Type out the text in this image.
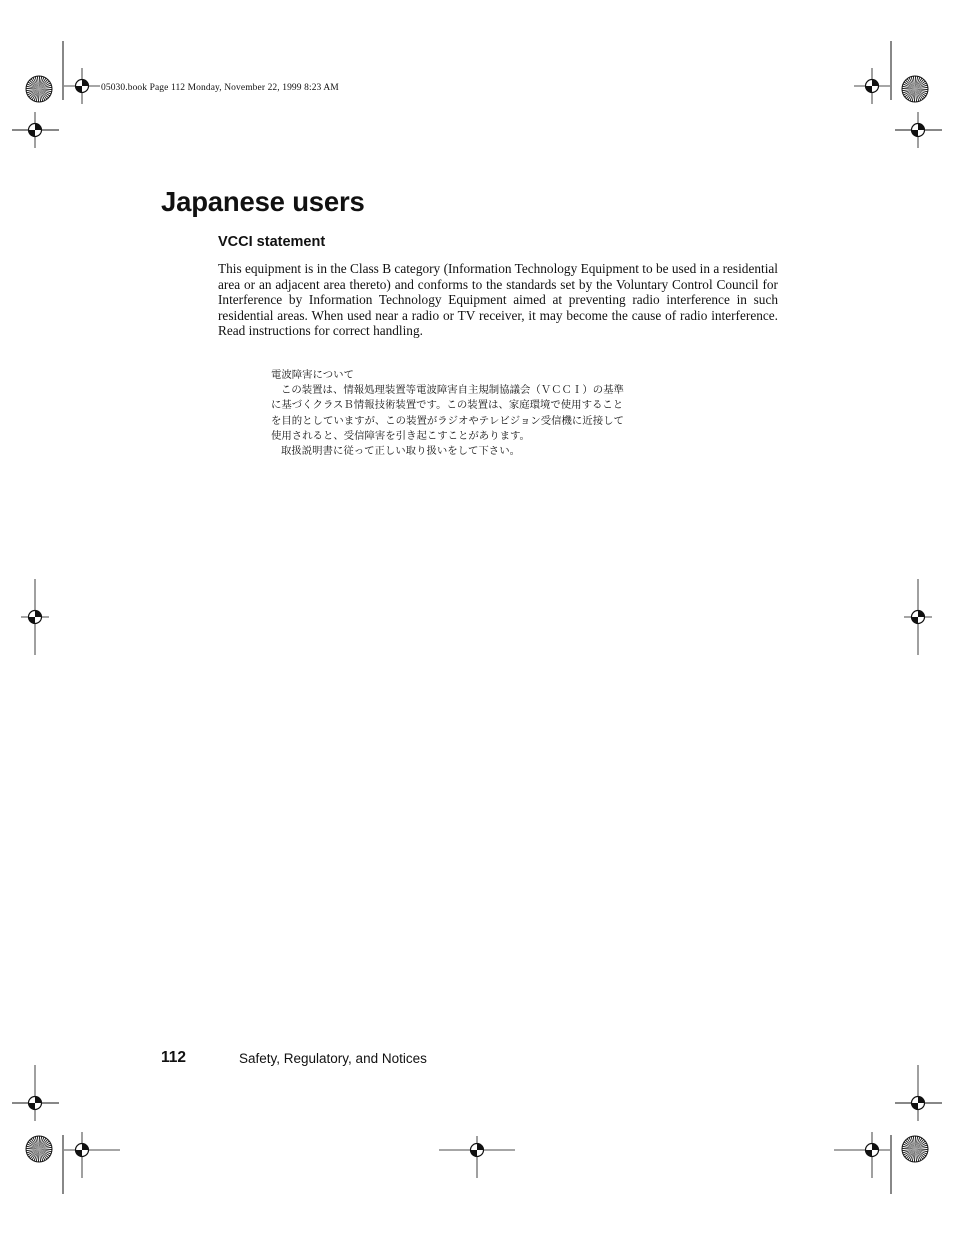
05030.book Page 112 Monday, November 22, 1999 8:23 AM
Japanese users
VCCI statement

This equipment is in the Class B category (Information Technology Equipment to be used in a residential area or an adjacent area thereto) and conforms to the standards set by the Voluntary Control Council for Interference by Information Technology Equipment aimed at preventing radio interference in such residential areas. When used near a radio or TV receiver, it may become the cause of radio interference. Read instructions for correct handling.

電波障害について
この装置は、情報処理装置等電波障害自主規制協議会（ＶＣＣＩ）の基準
に基づくクラスＢ情報技術装置です。この装置は、家庭環境で使用すること
を目的としていますが、この装置がラジオやテレビジョン受信機に近接して
使用されると、受信障害を引き起こすことがあります。
取扱説明書に従って正しい取り扱いをして下さい。
112	Safety, Regulatory, and Notices
